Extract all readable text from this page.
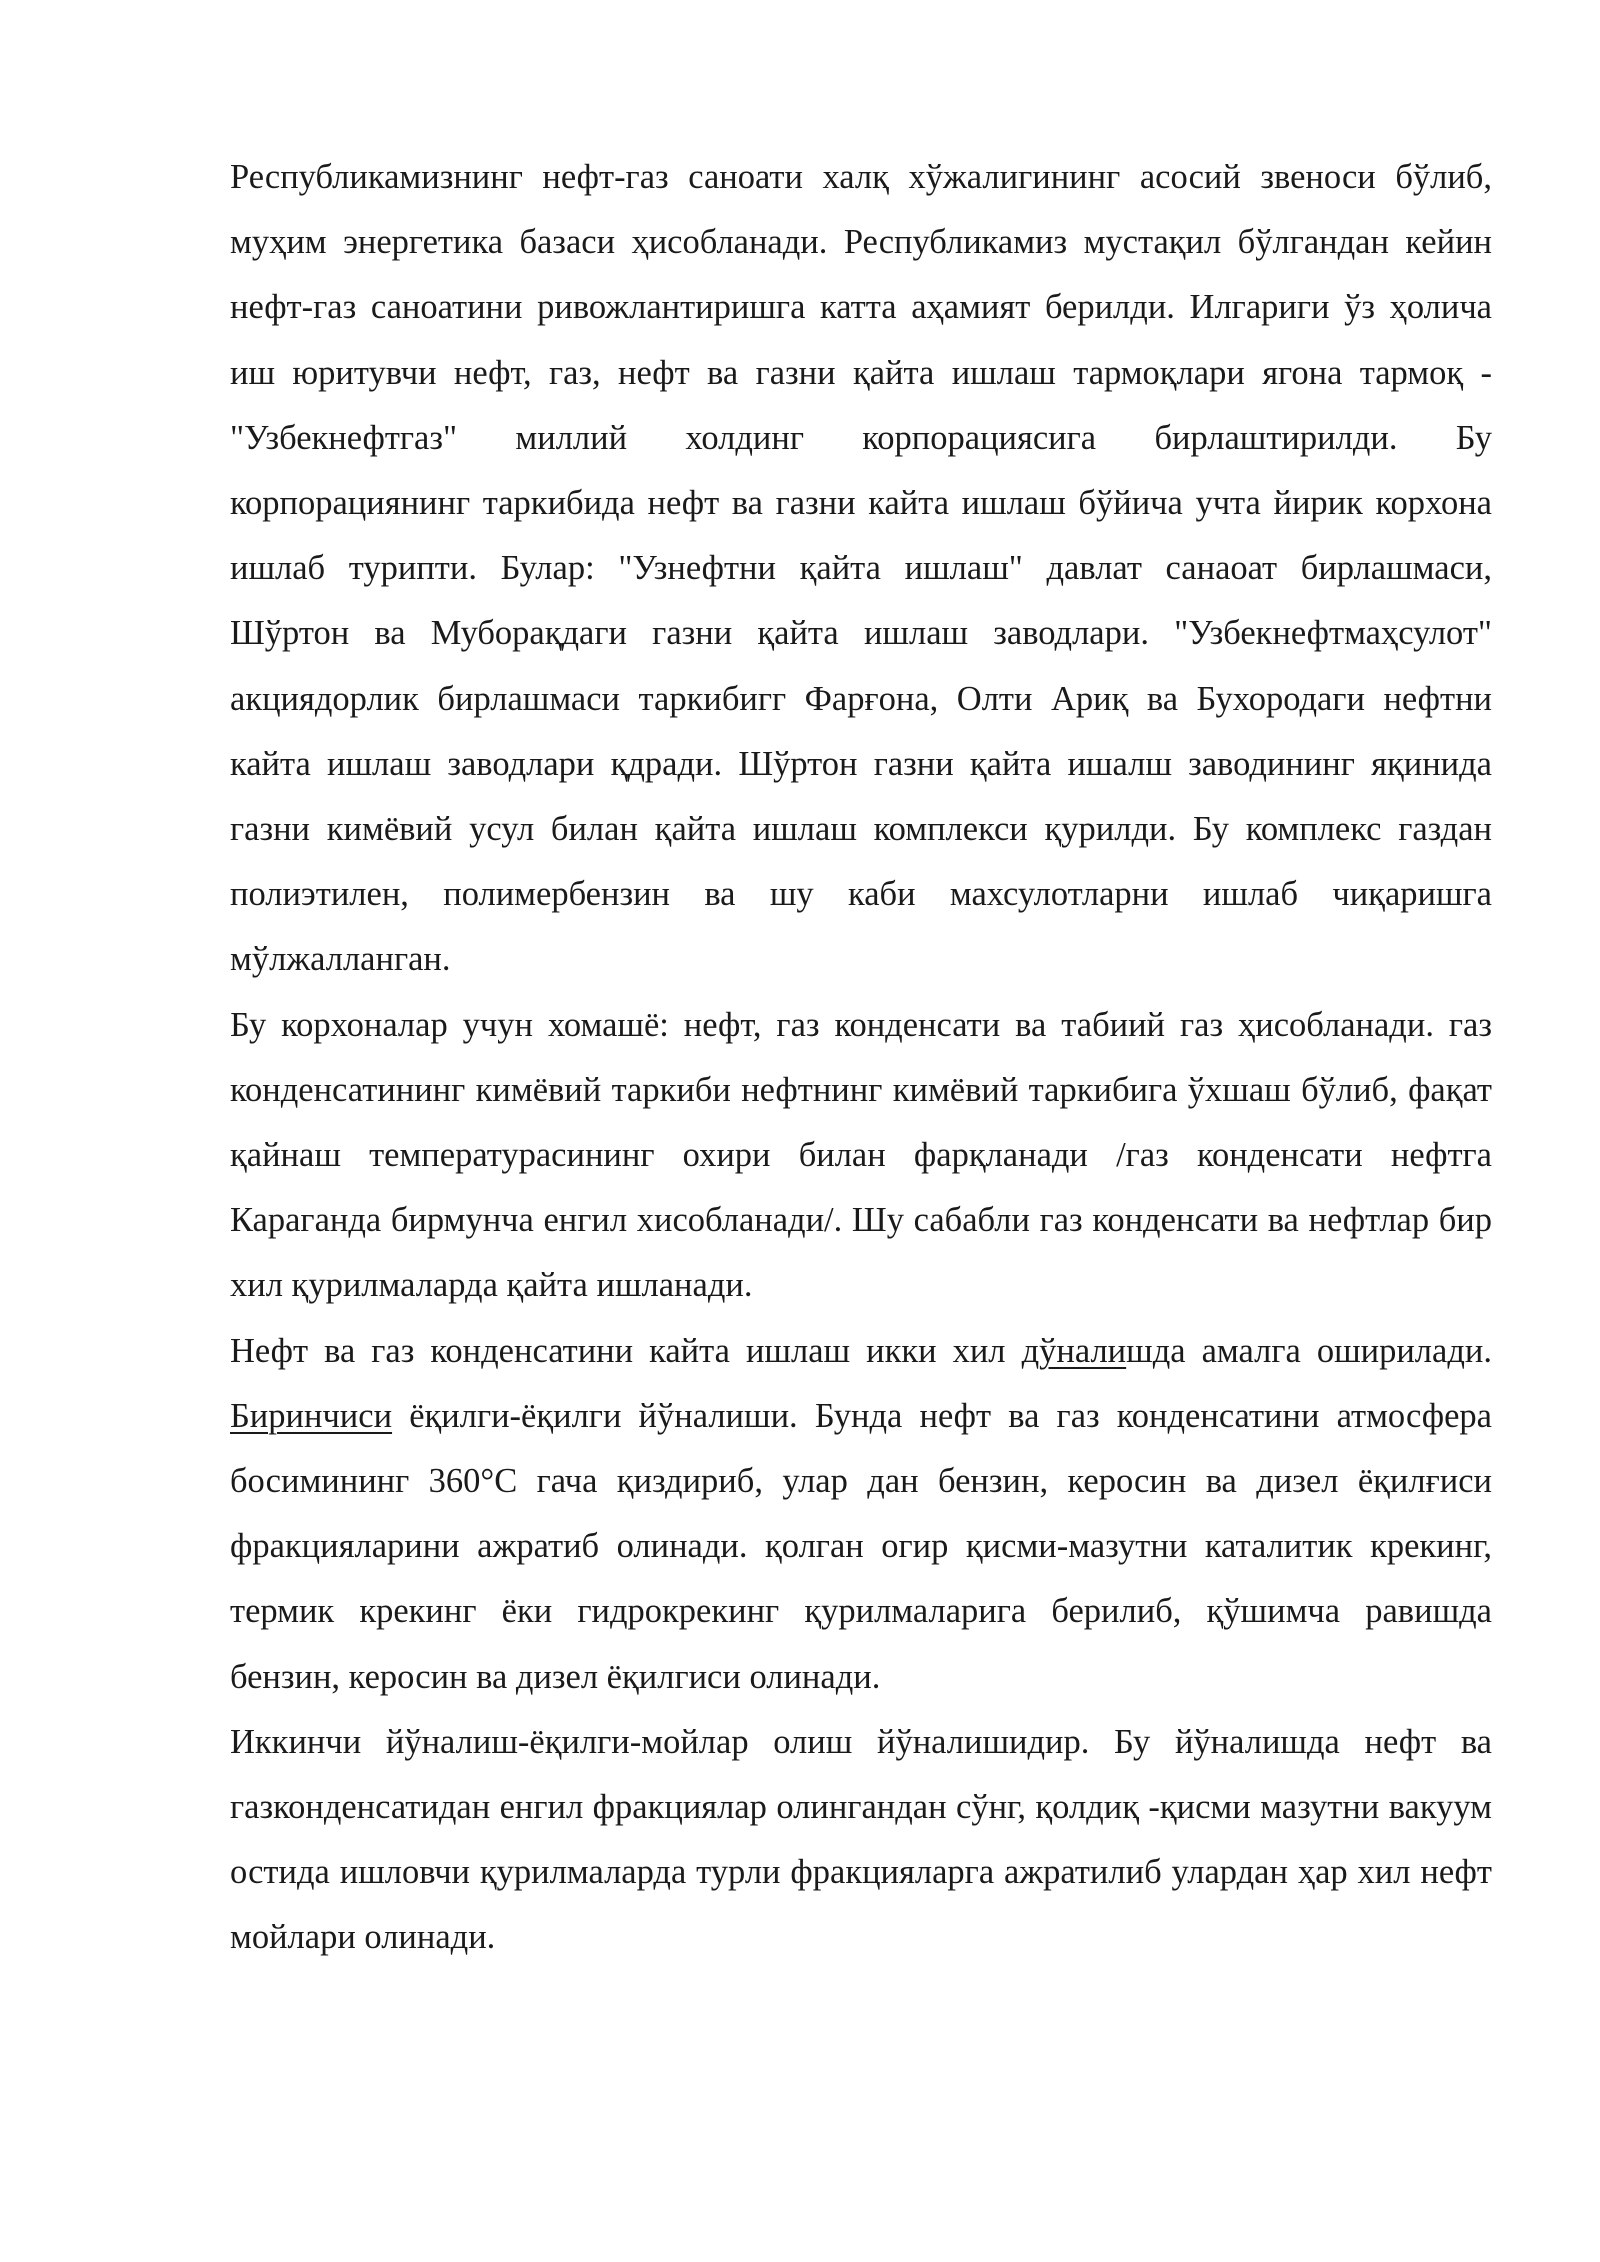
Республикамизнинг нефт-газ саноати халқ хўжалигининг асосий звеноси бўлиб, муҳим энергетика базаси ҳисобланади. Республикамиз мустақил бўлгандан кейин нефт-газ саноатини ривожлантиришга катта аҳамият берилди. Илгариги ўз ҳолича иш юритувчи нефт, газ, нефт ва газни қайта ишлаш тармоқлари ягона тармоқ - "Узбекнефтгаз" миллий холдинг корпорациясига бирлаштирилди. Бу корпорациянинг таркибида нефт ва газни кайта ишлаш бўйича учта йирик корхона ишлаб турипти. Булар: "Узнефтни қайта ишлаш" давлат санаоат бирлашмаси, Шўртон ва Муборақдаги газни қайта ишлаш заводлари. "Узбекнефтмаҳсулот" акциядорлик бирлашмаси таркибигг Фарғона, Олти Ариқ ва Бухородаги нефтни кайта ишлаш заводлари қдради. Шўртон газни қайта ишалш заводининг яқинида газни кимёвий усул билан қайта ишлаш комплекси қурилди. Бу комплекс газдан полиэтилен, полимербензин ва шу каби махсулотларни ишлаб чиқаришга мўлжалланган.

Бу корхоналар учун хомашё: нефт, газ конденсати ва табиий газ ҳисобланади. газ конденсатининг кимёвий таркиби нефтнинг кимёвий таркибига ўхшаш бўлиб, фақат қайнаш температурасининг охири билан фарқланади /газ конденсати нефтга Караганда бирмунча енгил хисобланади/. Шу сабабли газ конденсати ва нефтлар бир хил қурилмаларда қайта ишланади.

Нефт ва газ конденсатини кайта ишлаш икки хил дўналишда амалга оширилади. Биринчиси ёқилги-ёқилги йўналиши. Бунда нефт ва газ конденсатини атмосфера босимининг 360°С гача қиздириб, улар дан бензин, керосин ва дизел ёқилғиси фракцияларини ажратиб олинади. қолган огир қисми-мазутни каталитик крекинг, термик крекинг ёки гидрокрекинг қурилмаларига берилиб, қўшимча равишда бензин, керосин ва дизел ёқилгиси олинади.

Иккинчи йўналиш-ёқилги-мойлар олиш йўналишидир. Бу йўналишда нефт ва газконденсатидан енгил фракциялар олингандан сўнг, қолдиқ -қисми мазутни вакуум остида ишловчи қурилмаларда турли фракцияларга ажратилиб улардан ҳар хил нефт мойлари олинади.
